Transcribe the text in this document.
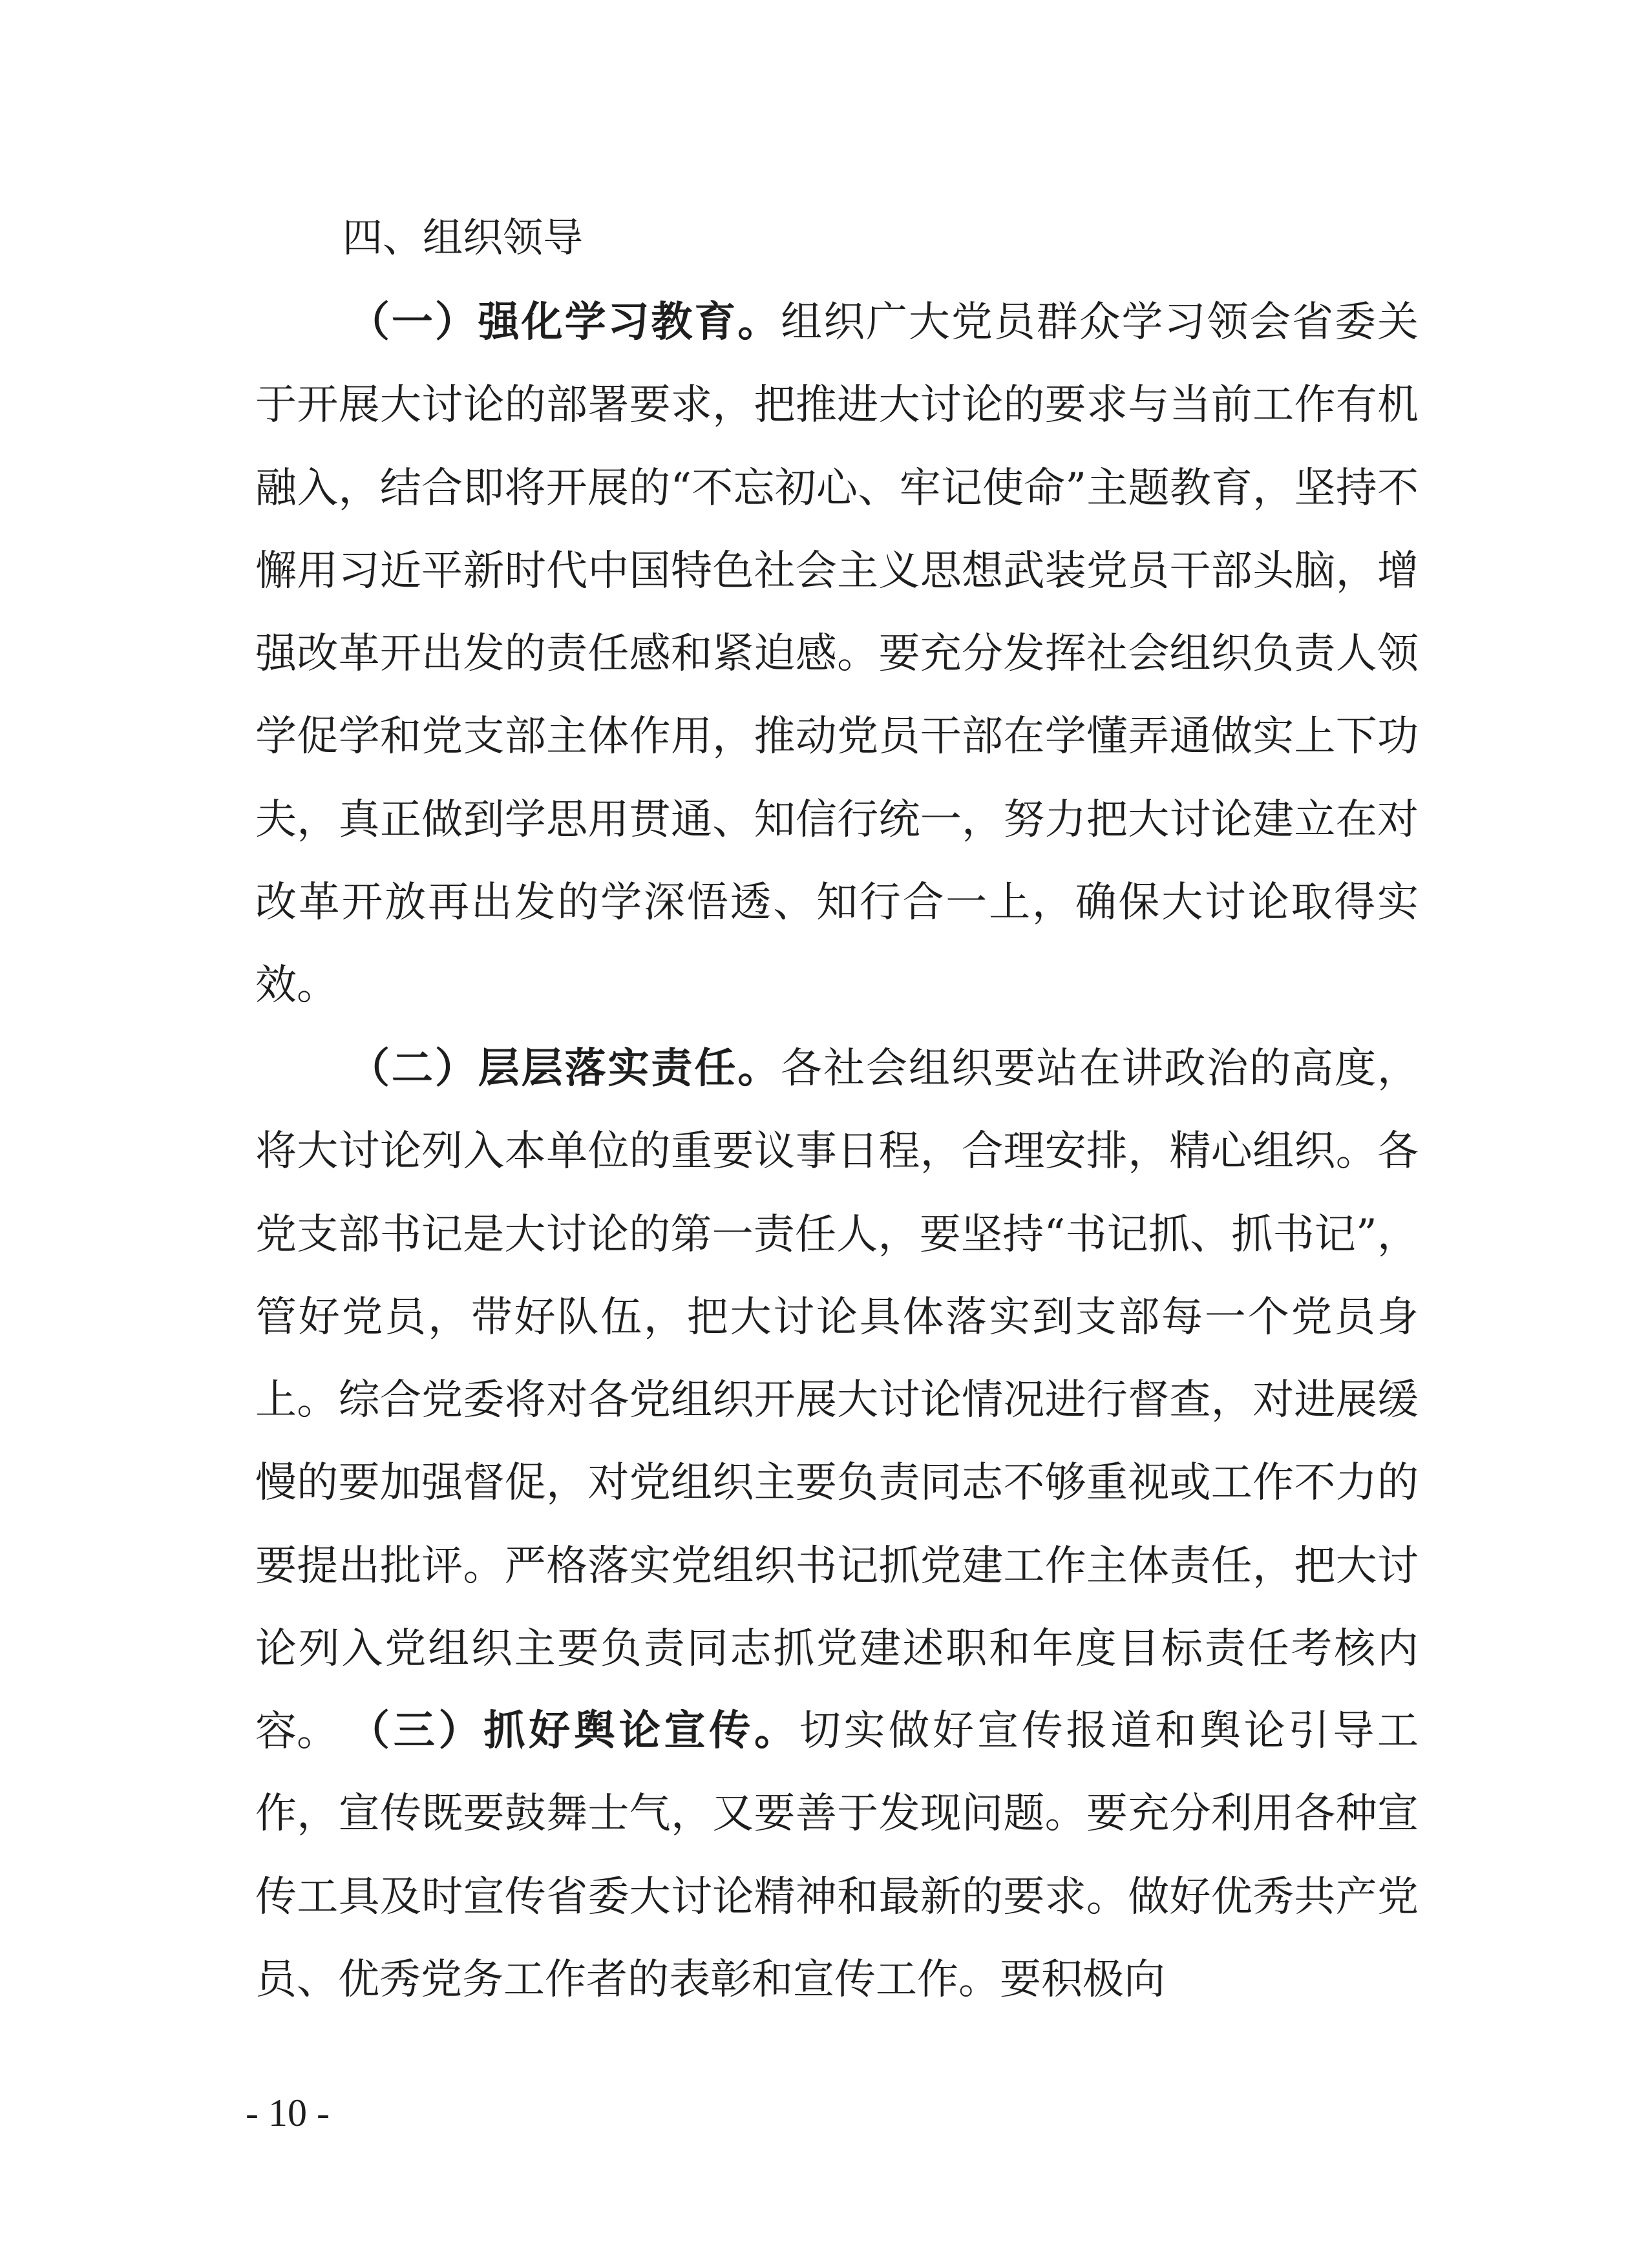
四、组织领导

（一）强化学习教育。组织广大党员群众学习领会省委关于开展大讨论的部署要求，把推进大讨论的要求与当前工作有机融入，结合即将开展的“不忘初心、牢记使命”主题教育，坚持不懈用习近平新时代中国特色社会主义思想武装党员干部头脑，增强改革开出发的责任感和紧迫感。要充分发挥社会组织负责人领学促学和党支部主体作用，推动党员干部在学懂弄通做实上下功夫，真正做到学思用贯通、知信行统一，努力把大讨论建立在对改革开放再出发的学深悟透、知行合一上，确保大讨论取得实效。

（二）层层落实责任。各社会组织要站在讲政治的高度，将大讨论列入本单位的重要议事日程，合理安排，精心组织。各党支部书记是大讨论的第一责任人，要坚持“书记抓、抓书记”，管好党员，带好队伍，把大讨论具体落实到支部每一个党员身上。综合党委将对各党组织开展大讨论情况进行督查，对进展缓慢的要加强督促，对党组织主要负责同志不够重视或工作不力的要提出批评。严格落实党组织书记抓党建工作主体责任，把大讨论列入党组织主要负责同志抓党建述职和年度目标责任考核内容。 （三）抓好舆论宣传。切实做好宣传报道和舆论引导工作，宣传既要鼓舞士气，又要善于发现问题。要充分利用各种宣传工具及时宣传省委大讨论精神和最新的要求。做好优秀共产党员、优秀党务工作者的表彰和宣传工作。要积极向

- 10 -
